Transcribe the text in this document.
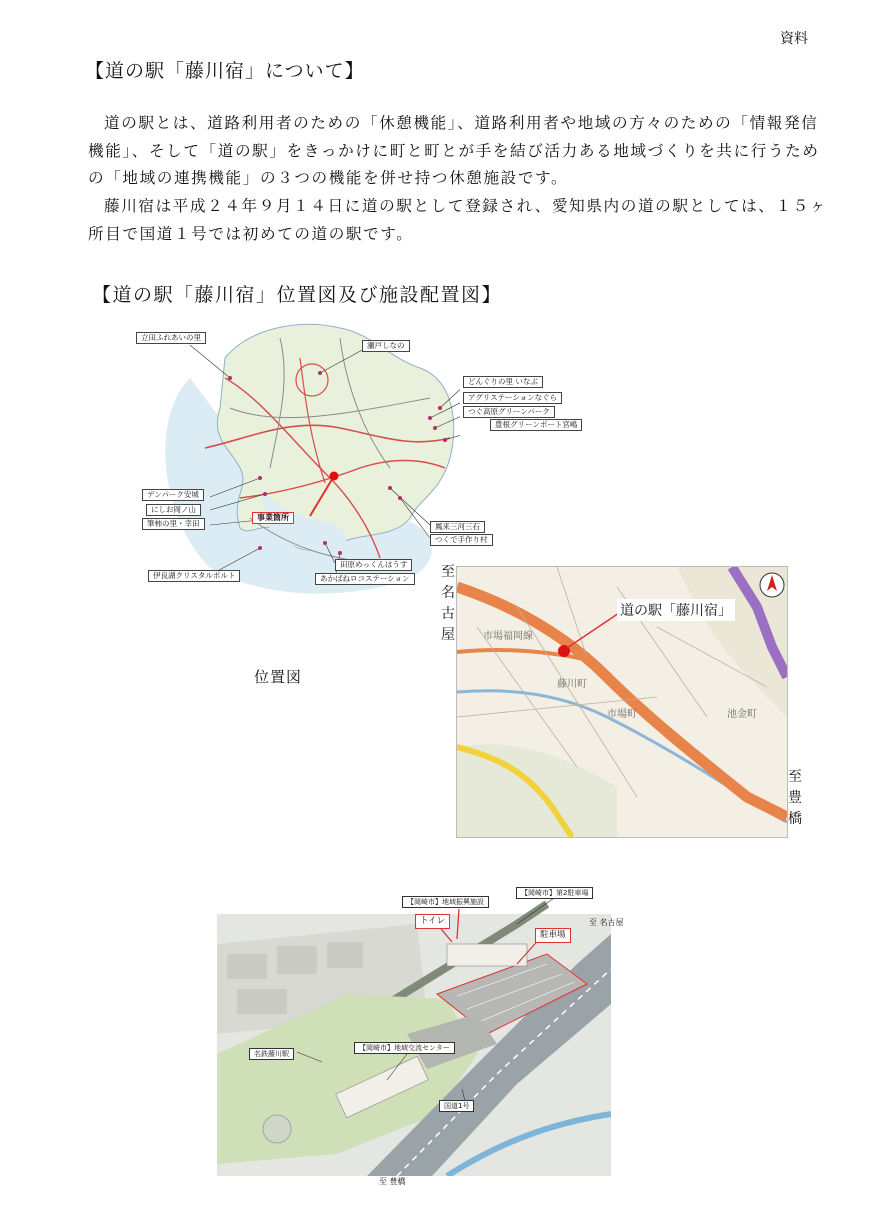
資料
【道の駅「藤川宿」について】
道の駅とは、道路利用者のための「休憩機能」、道路利用者や地域の方々のための「情報発信機能」、そして「道の駅」をきっかけに町と町とが手を結び活力ある地域づくりを共に行うための「地域の連携機能」の３つの機能を併せ持つ休憩施設です。
藤川宿は平成２４年９月１４日に道の駅として登録され、愛知県内の道の駅としては、１５ヶ所目で国道１号では初めての道の駅です。
【道の駅「藤川宿」位置図及び施設配置図】
立田ふれあいの里
瀬戸しなの
どんぐりの里 いなぶ
アグリステーションなぐら
つぐ高原グリーンパーク
豊根グリーンポート宮嶋
デンパーク安城
にしお岡ノ山
筆柿の里・幸田
事業箇所
鳳来三河三石
つくで手作り村
田原めっくんはうす
あかばねロコステーション
伊良湖クリスタルポルト
位置図
市場福岡線
藤川町
市場町	池金町
道の駅「藤川宿」
至名古屋
至豊橋
【岡崎市】地域振興施設
【岡崎市】第2駐車場
トイレ
駐車場
至 名古屋
名鉄藤川駅
【岡崎市】地域交流センター
国道1号
至 豊橋
